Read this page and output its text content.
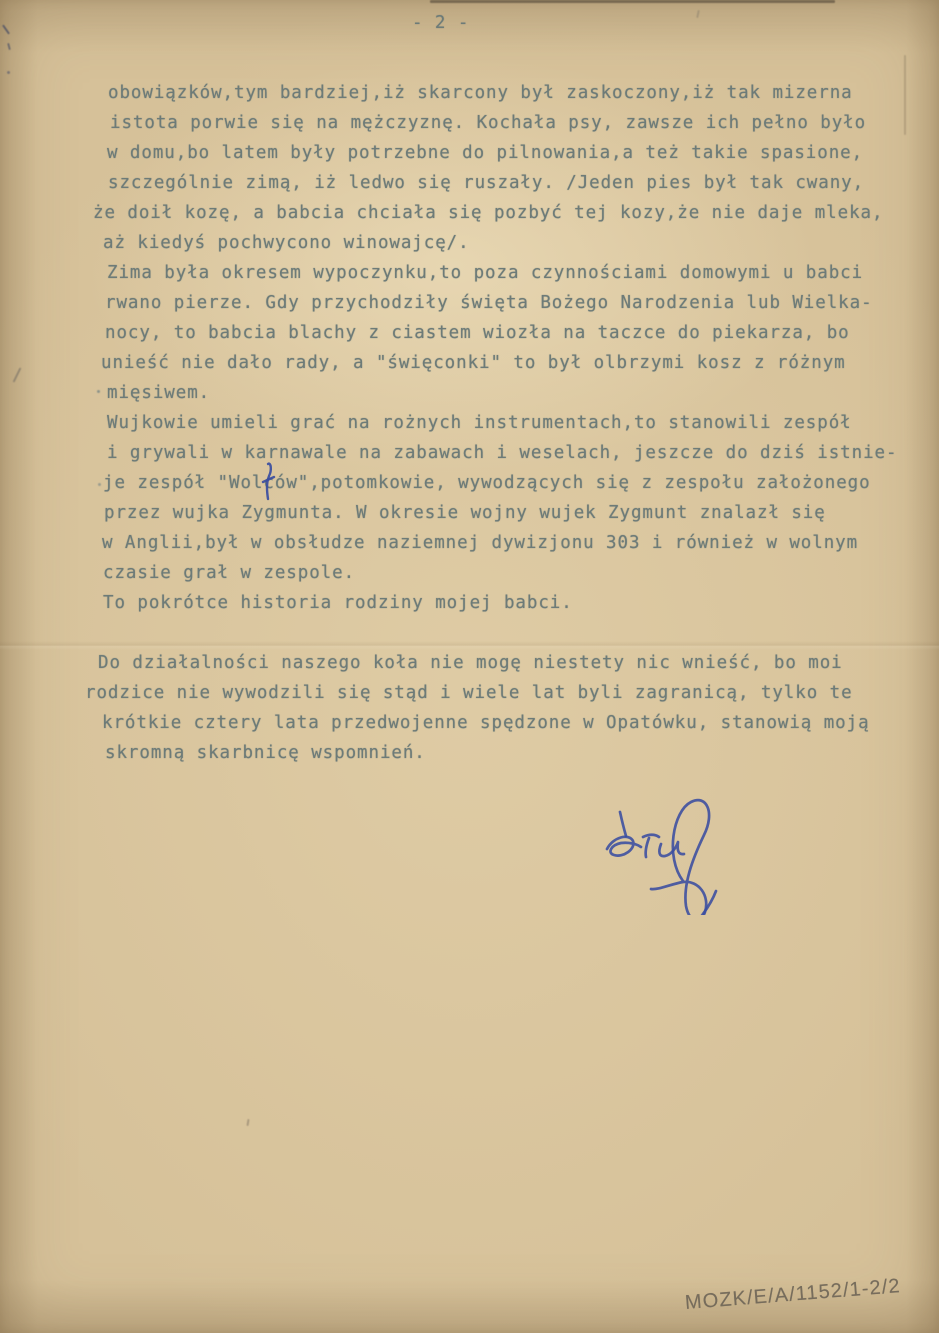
- 2 -
obowiązków,tym bardziej,iż skarcony był zaskoczony,iż tak mizerna
istota porwie się na mężczyznę. Kochała psy, zawsze ich pełno było
w domu,bo latem były potrzebne do pilnowania,a też takie spasione,
szczególnie zimą, iż ledwo się ruszały. /Jeden pies był tak cwany,
że doił kozę, a babcia chciała się pozbyć tej kozy,że nie daje mleka,
aż kiedyś pochwycono winowajcę/.
Zima była okresem wypoczynku,to poza czynnościami domowymi u babci
rwano pierze. Gdy przychodziły święta Bożego Narodzenia lub Wielka-
nocy, to babcia blachy z ciastem wiozła na taczce do piekarza, bo
unieść nie dało rady, a "święconki" to był olbrzymi kosz z różnym
mięsiwem.
Wujkowie umieli grać na rożnych instrumentach,to stanowili zespół
i grywali w karnawale na zabawach i weselach, jeszcze do dziś istnie-
je zespół "Wolc
ów",potomkowie, wywodzących się z zespołu założonego
przez wujka Zygmunta. W okresie wojny wujek Zygmunt znalazł się
w Anglii,był w obsłudze naziemnej dywizjonu 303 i również w wolnym
czasie grał w zespole.
To pokrótce historia rodziny mojej babci.

Do działalności naszego koła nie mogę niestety nic wnieść, bo moi
rodzice nie wywodzili się stąd i wiele lat byli zagranicą, tylko te
krótkie cztery lata przedwojenne spędzone w Opatówku, stanowią moją
skromną skarbnicę wspomnień.
MOZK/E/A/1152/1-2/2
